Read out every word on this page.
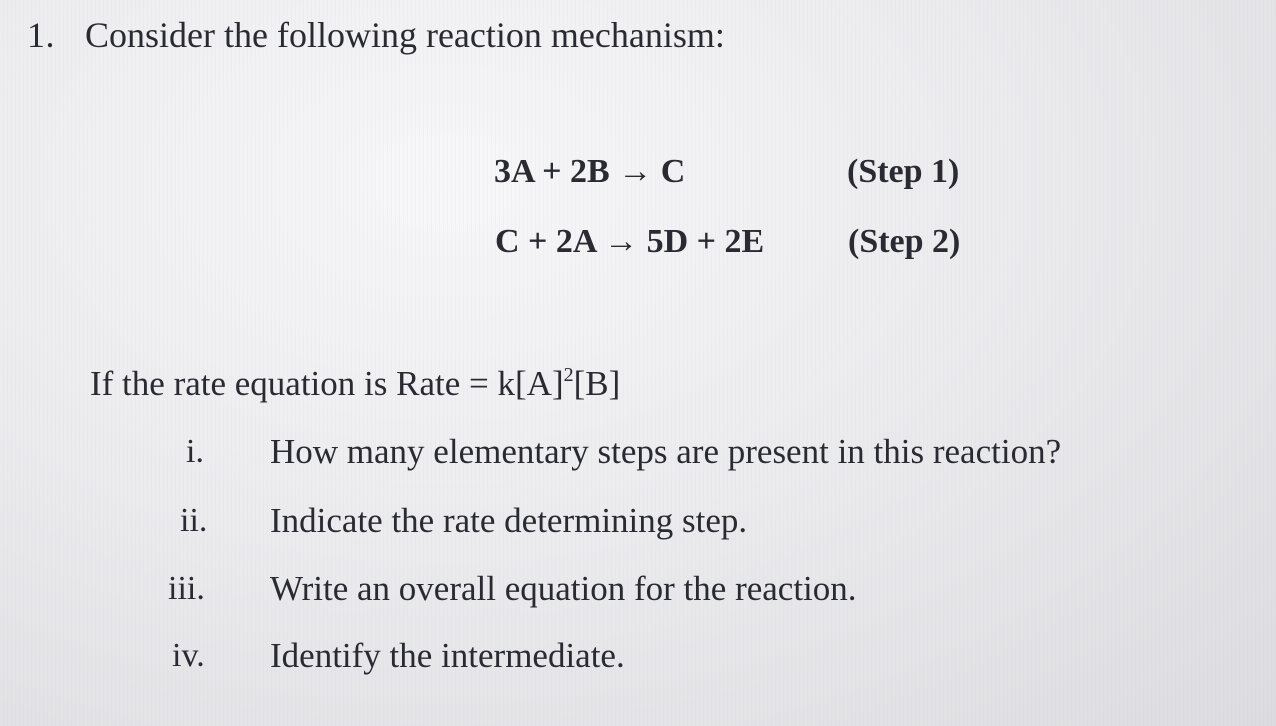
1. Consider the following reaction mechanism:
3A + 2B → C	(Step 1)
C + 2A → 5D + 2E (Step 2)
If the rate equation is Rate = $k[A]^2[B]$
i. How many elementary steps are present in this reaction?
ii. Indicate the rate determining step.
iii. Write an overall equation for the reaction.
iv. Identify the intermediate.
